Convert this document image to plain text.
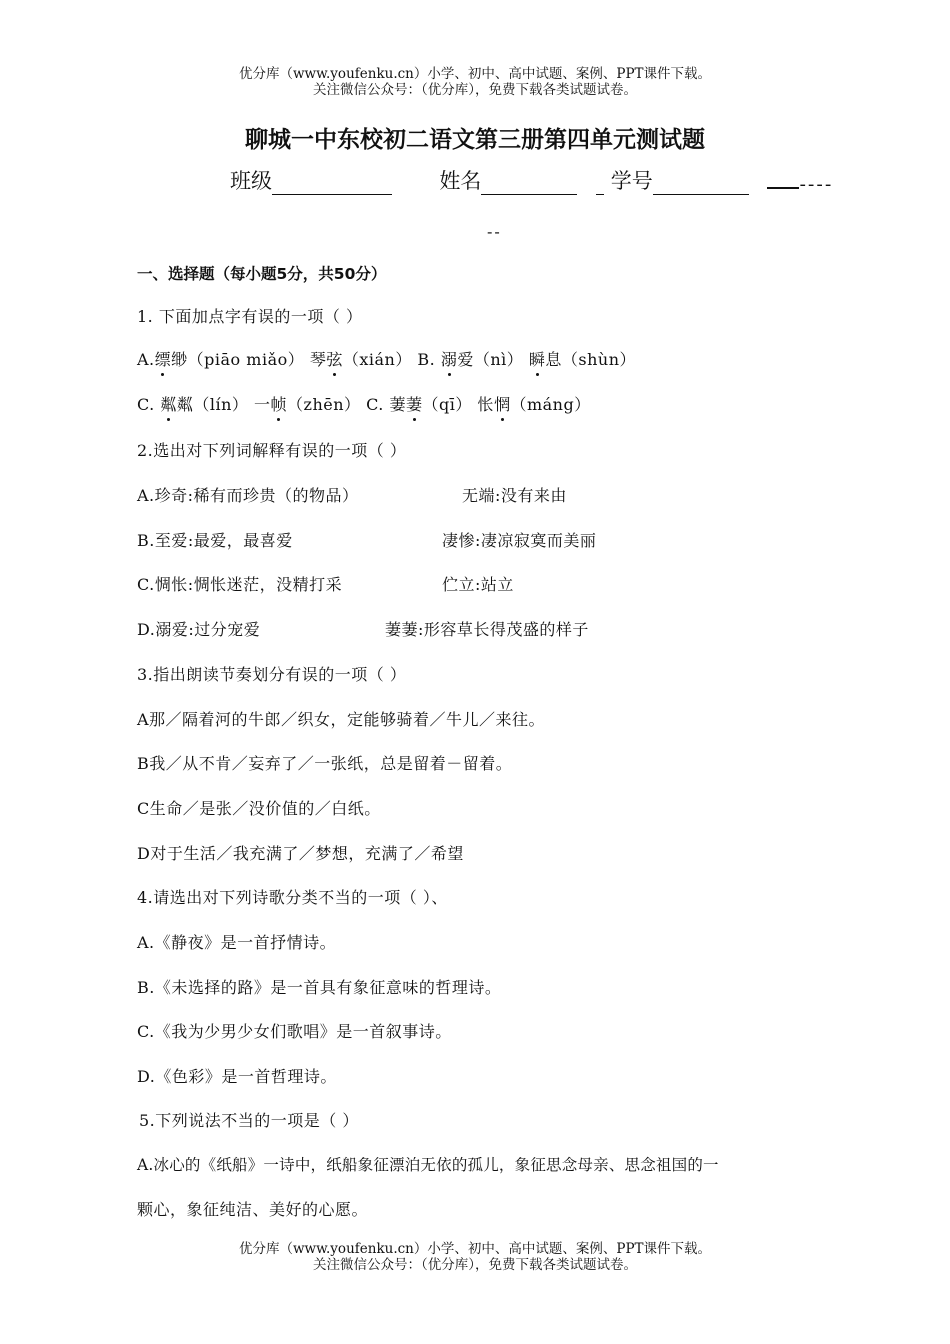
优分库（www.youfenku.cn）小学、初中、高中试题、案例、PPT课件下载。
关注微信公众号：（优分库），免费下载各类试题试卷。
聊城一中东校初二语文第三册第四单元测试题
班级	姓名	学号	----
--
一、选择题（每小题5分，共50分）
1. 下面加点字有误的一项（ ）
A.缥缈（piāo miǎo） 琴弦（xián） B. 溺爱（nì） 瞬息（shùn）
C. 粼粼（lín） 一帧（zhēn） C. 萋萋（qī） 怅惘（máng）
2.选出对下列词解释有误的一项（ ）
A.珍奇:稀有而珍贵（的物品）	无端:没有来由
B.至爱:最爱，最喜爱	凄惨:凄凉寂寞而美丽
C.惆怅:惆怅迷茫，没精打采	伫立:站立
D.溺爱:过分宠爱	萋萋:形容草长得茂盛的样子
3.指出朗读节奏划分有误的一项（ ）
A那／隔着河的牛郎／织女，定能够骑着／牛儿／来往。
B我／从不肯／妄弃了／一张纸，总是留着－留着。
C生命／是张／没价值的／白纸。
D对于生活／我充满了／梦想，充满了／希望
4.请选出对下列诗歌分类不当的一项（ ）、
A.《静夜》是一首抒情诗。
B.《未选择的路》是一首具有象征意味的哲理诗。
C.《我为少男少女们歌唱》是一首叙事诗。
D.《色彩》是一首哲理诗。
5.下列说法不当的一项是（ ）
A.冰心的《纸船》一诗中，纸船象征漂泊无依的孤儿，象征思念母亲、思念祖国的一
颗心，象征纯洁、美好的心愿。
优分库（www.youfenku.cn）小学、初中、高中试题、案例、PPT课件下载。
关注微信公众号：（优分库），免费下载各类试题试卷。
